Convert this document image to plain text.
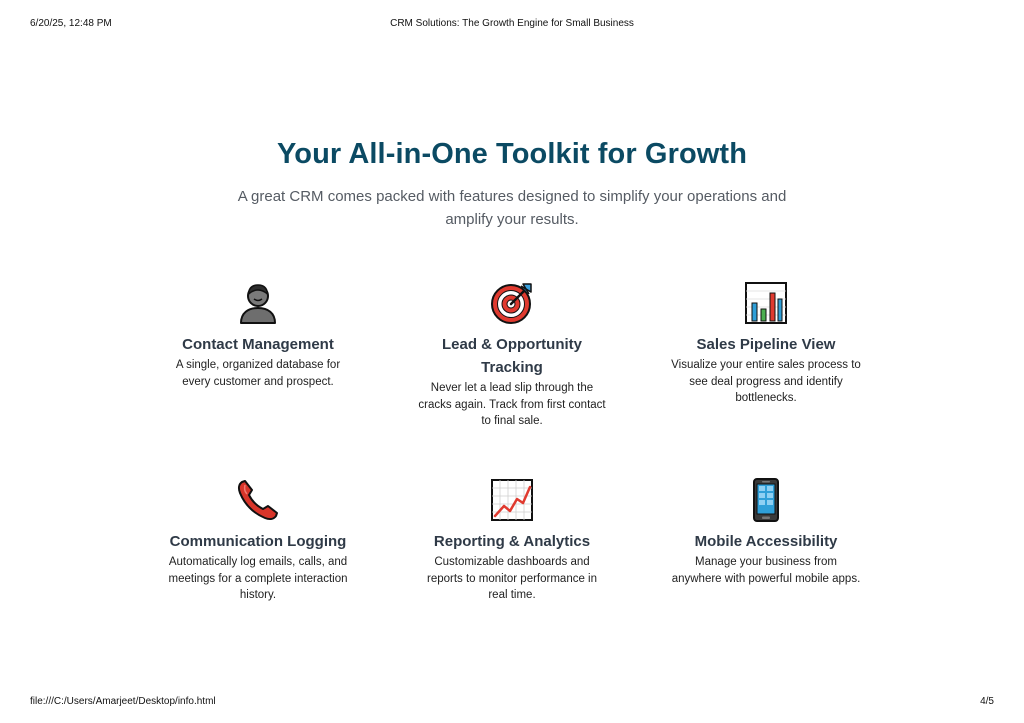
6/20/25, 12:48 PM	CRM Solutions: The Growth Engine for Small Business
Your All-in-One Toolkit for Growth

A great CRM comes packed with features designed to simplify your operations and amplify your results.

Contact Management
A single, organized database for every customer and prospect.
Lead & Opportunity Tracking
Never let a lead slip through the cracks again. Track from first contact to final sale.
Sales Pipeline View
Visualize your entire sales process to see deal progress and identify bottlenecks.
Communication Logging
Automatically log emails, calls, and meetings for a complete interaction history.
Reporting & Analytics
Customizable dashboards and reports to monitor performance in real time.
Mobile Accessibility
Manage your business from anywhere with powerful mobile apps.
file:///C:/Users/Amarjeet/Desktop/info.html	4/5
